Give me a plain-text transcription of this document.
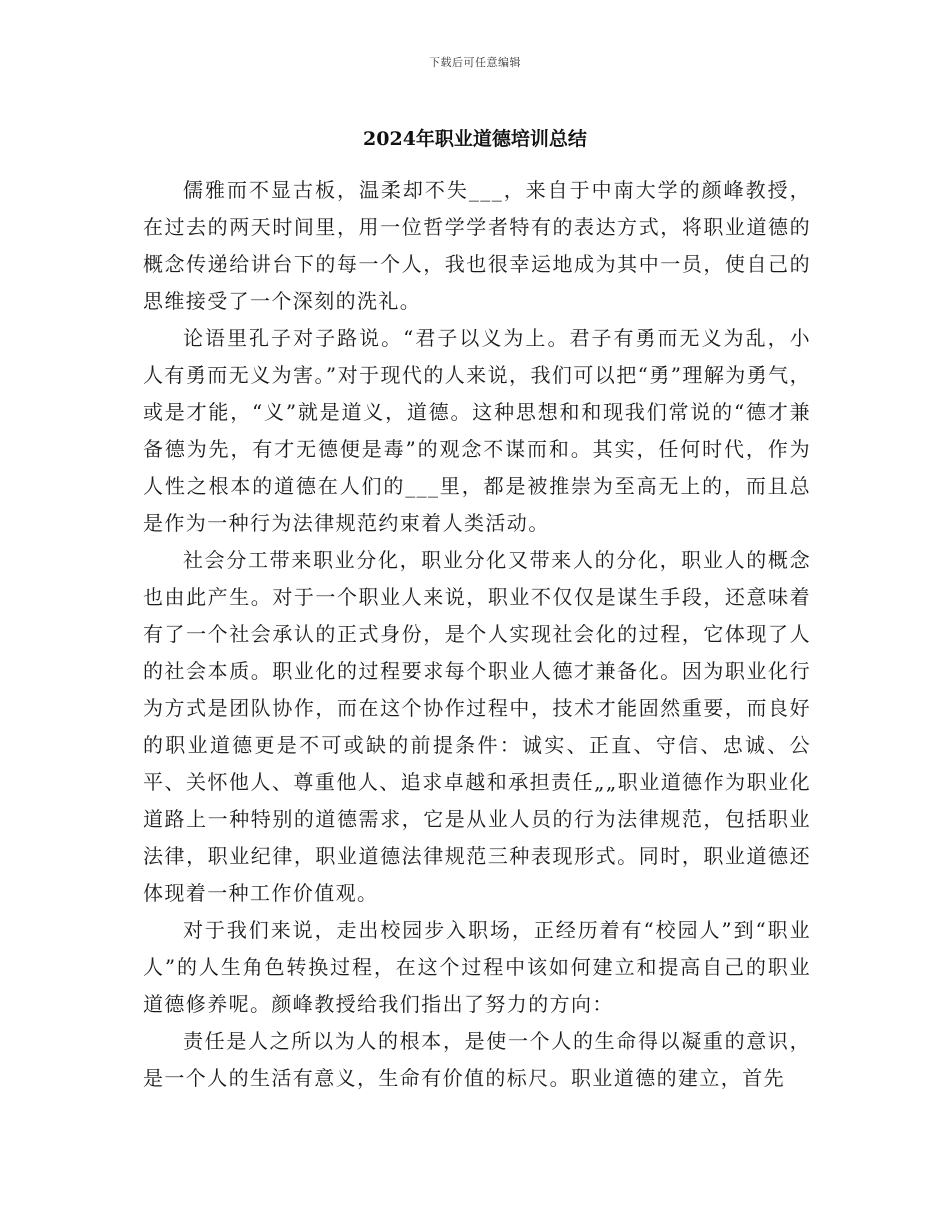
下载后可任意编辑
2024年职业道德培训总结

儒雅而不显古板，温柔却不失___，来自于中南大学的颜峰教授，在过去的两天时间里，用一位哲学学者特有的表达方式，将职业道德的概念传递给讲台下的每一个人，我也很幸运地成为其中一员，使自己的思维接受了一个深刻的洗礼。

论语里孔子对子路说。“君子以义为上。君子有勇而无义为乱，小人有勇而无义为害。”对于现代的人来说，我们可以把“勇”理解为勇气，或是才能，“义”就是道义，道德。这种思想和和现我们常说的“德才兼备德为先，有才无德便是毒”的观念不谋而和。其实，任何时代，作为人性之根本的道德在人们的___里，都是被推崇为至高无上的，而且总是作为一种行为法律规范约束着人类活动。

社会分工带来职业分化，职业分化又带来人的分化，职业人的概念也由此产生。对于一个职业人来说，职业不仅仅是谋生手段，还意味着有了一个社会承认的正式身份，是个人实现社会化的过程，它体现了人的社会本质。职业化的过程要求每个职业人德才兼备化。因为职业化行为方式是团队协作，而在这个协作过程中，技术才能固然重要，而良好的职业道德更是不可或缺的前提条件：诚实、正直、守信、忠诚、公平、关怀他人、尊重他人、追求卓越和承担责任„„职业道德作为职业化道路上一种特别的道德需求，它是从业人员的行为法律规范，包括职业法律，职业纪律，职业道德法律规范三种表现形式。同时，职业道德还体现着一种工作价值观。

对于我们来说，走出校园步入职场，正经历着有“校园人”到“职业人”的人生角色转换过程，在这个过程中该如何建立和提高自己的职业道德修养呢。颜峰教授给我们指出了努力的方向：

责任是人之所以为人的根本，是使一个人的生命得以凝重的意识，是一个人的生活有意义，生命有价值的标尺。职业道德的建立，首先
